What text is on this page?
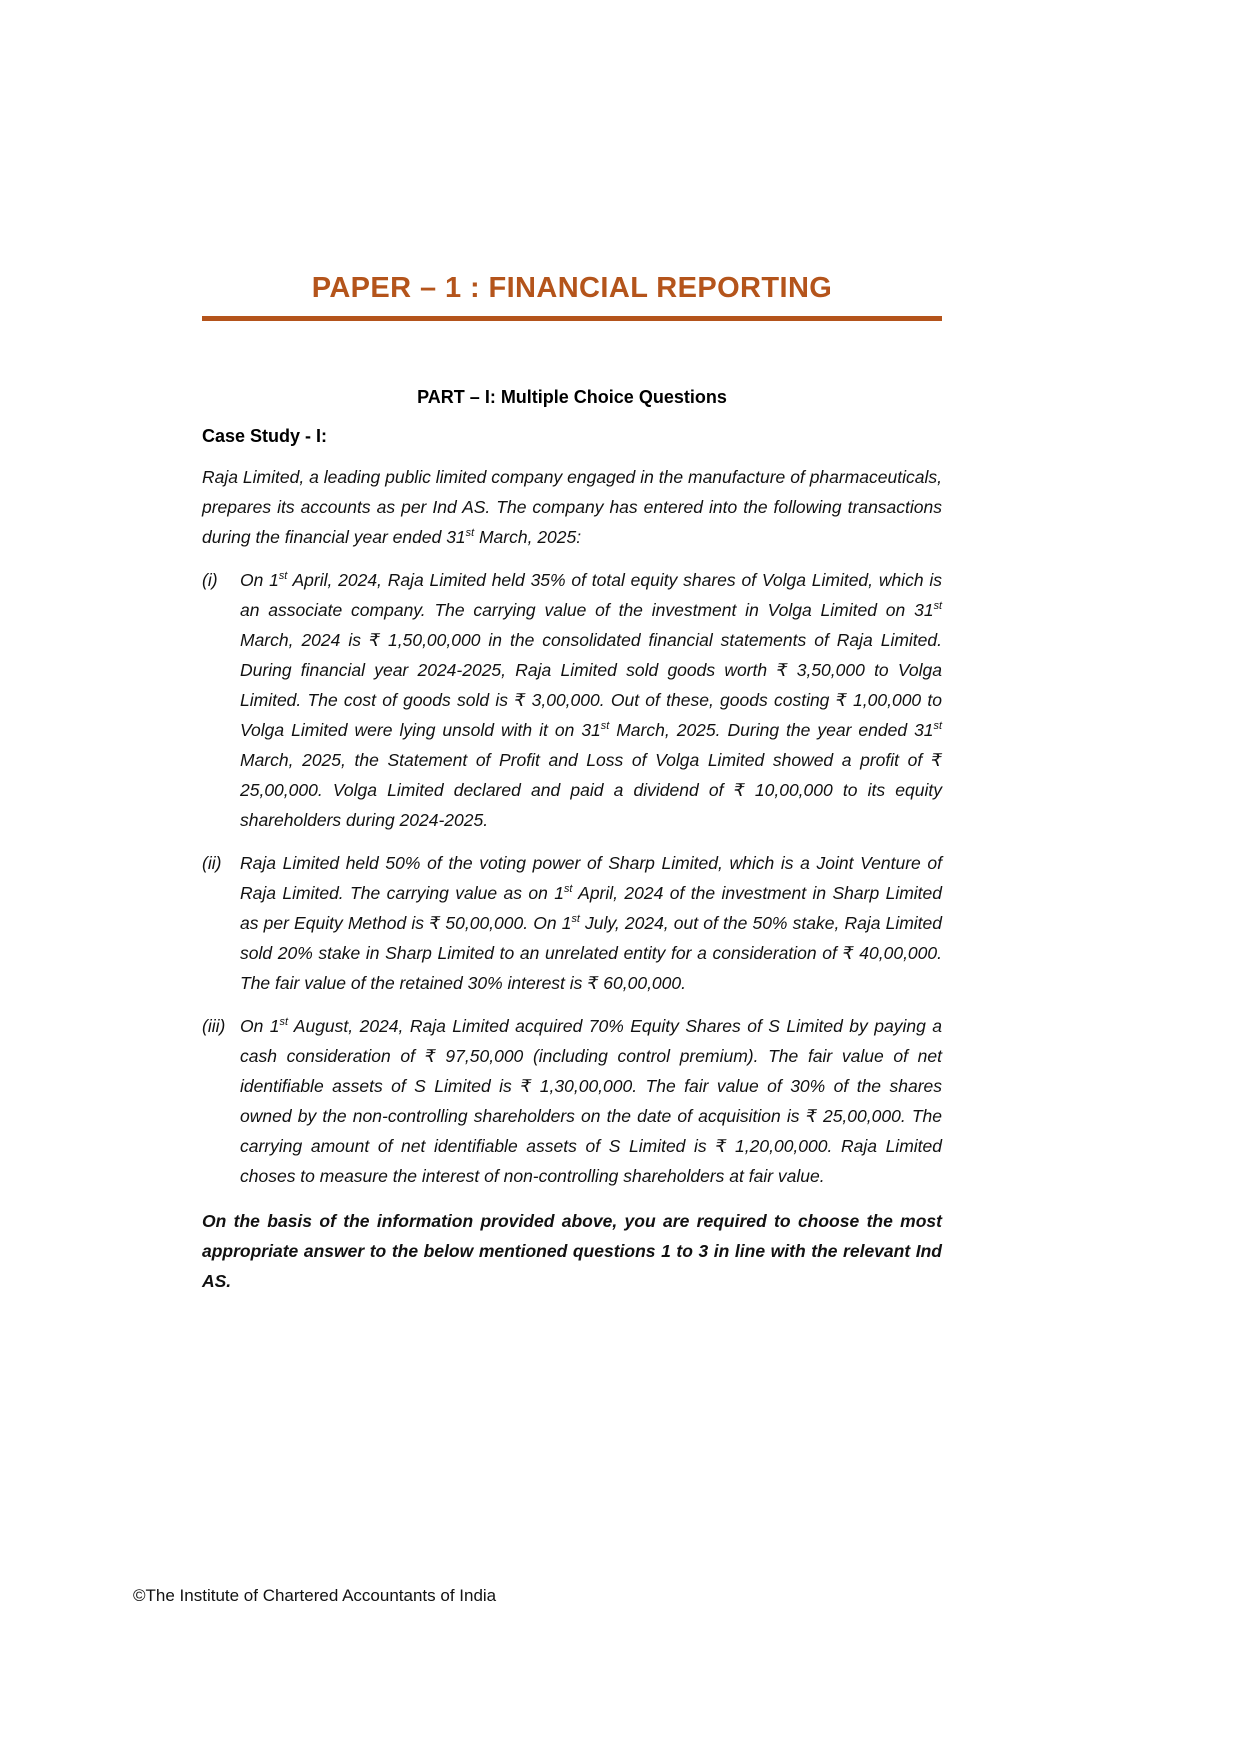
PAPER – 1 : FINANCIAL REPORTING
PART – I: Multiple Choice Questions
Case Study - I:

Raja Limited, a leading public limited company engaged in the manufacture of pharmaceuticals, prepares its accounts as per Ind AS. The company has entered into the following transactions during the financial year ended 31st March, 2025:

(i) On 1st April, 2024, Raja Limited held 35% of total equity shares of Volga Limited, which is an associate company. The carrying value of the investment in Volga Limited on 31st March, 2024 is ₹ 1,50,00,000 in the consolidated financial statements of Raja Limited. During financial year 2024-2025, Raja Limited sold goods worth ₹ 3,50,000 to Volga Limited. The cost of goods sold is ₹ 3,00,000. Out of these, goods costing ₹ 1,00,000 to Volga Limited were lying unsold with it on 31st March, 2025. During the year ended 31st March, 2025, the Statement of Profit and Loss of Volga Limited showed a profit of ₹ 25,00,000. Volga Limited declared and paid a dividend of ₹ 10,00,000 to its equity shareholders during 2024-2025.
(ii) Raja Limited held 50% of the voting power of Sharp Limited, which is a Joint Venture of Raja Limited. The carrying value as on 1st April, 2024 of the investment in Sharp Limited as per Equity Method is ₹ 50,00,000. On 1st July, 2024, out of the 50% stake, Raja Limited sold 20% stake in Sharp Limited to an unrelated entity for a consideration of ₹ 40,00,000. The fair value of the retained 30% interest is ₹ 60,00,000.
(iii) On 1st August, 2024, Raja Limited acquired 70% Equity Shares of S Limited by paying a cash consideration of ₹ 97,50,000 (including control premium). The fair value of net identifiable assets of S Limited is ₹ 1,30,00,000. The fair value of 30% of the shares owned by the non-controlling shareholders on the date of acquisition is ₹ 25,00,000. The carrying amount of net identifiable assets of S Limited is ₹ 1,20,00,000. Raja Limited choses to measure the interest of non-controlling shareholders at fair value.

On the basis of the information provided above, you are required to choose the most appropriate answer to the below mentioned questions 1 to 3 in line with the relevant Ind AS.

©The Institute of Chartered Accountants of India
